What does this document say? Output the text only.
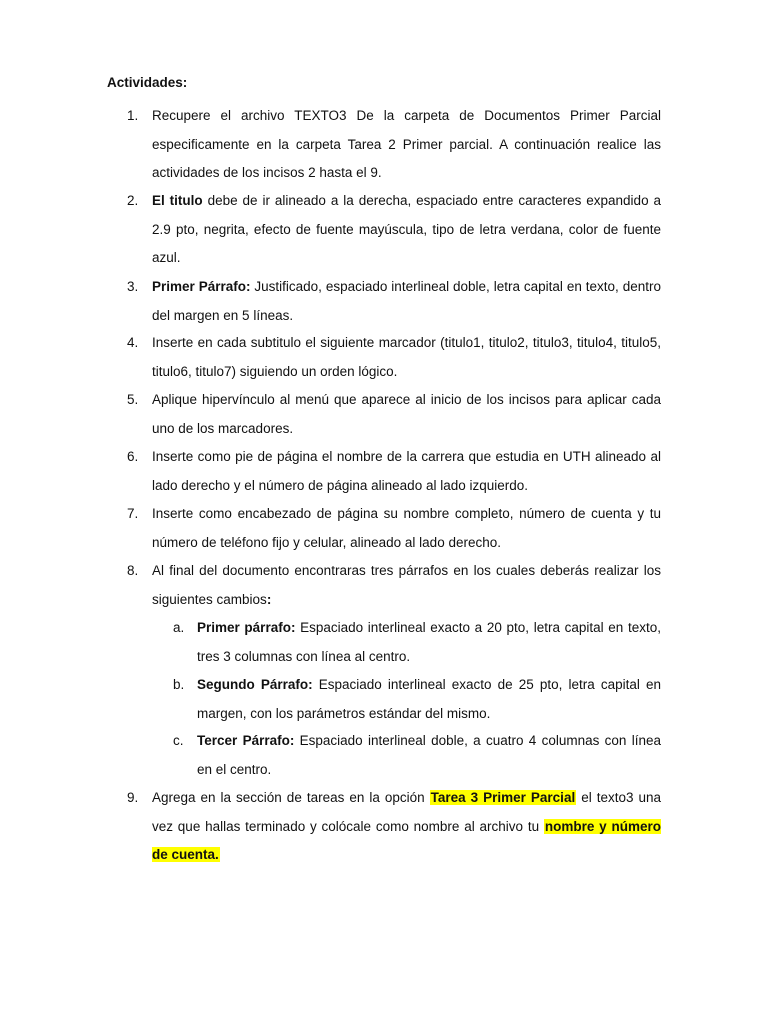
Actividades:
1.	Recupere el archivo TEXTO3 De la carpeta de Documentos Primer Parcial especificamente en la carpeta Tarea 2 Primer parcial. A continuación realice las actividades de los incisos 2 hasta el 9.
2.	El titulo debe de ir alineado a la derecha, espaciado entre caracteres expandido a 2.9 pto, negrita, efecto de fuente mayúscula, tipo de letra verdana, color de fuente azul.
3.	Primer Párrafo: Justificado, espaciado interlineal doble, letra capital en texto, dentro del margen en 5 líneas.
4.	Inserte en cada subtitulo el siguiente marcador (titulo1, titulo2, titulo3, titulo4, titulo5, titulo6, titulo7) siguiendo un orden lógico.
5.	Aplique hipervínculo al menú que aparece al inicio de los incisos para aplicar cada uno de los marcadores.
6.	Inserte como pie de página el nombre de la carrera que estudia en UTH alineado al lado derecho y el número de página alineado al lado izquierdo.
7.	Inserte como encabezado de página su nombre completo, número de cuenta y tu número de teléfono fijo y celular, alineado al lado derecho.
8.	Al final del documento encontraras tres párrafos en los cuales deberás realizar los siguientes cambios:
a. Primer párrafo: Espaciado interlineal exacto a 20 pto, letra capital en texto, tres 3 columnas con línea al centro.
b. Segundo Párrafo: Espaciado interlineal exacto de 25 pto, letra capital en margen, con los parámetros estándar del mismo.
c. Tercer Párrafo: Espaciado interlineal doble, a cuatro 4 columnas con línea en el centro.
9.	Agrega en la sección de tareas en la opción Tarea 3 Primer Parcial el texto3 una vez que hallas terminado y colócale como nombre al archivo tu nombre y número de cuenta.
